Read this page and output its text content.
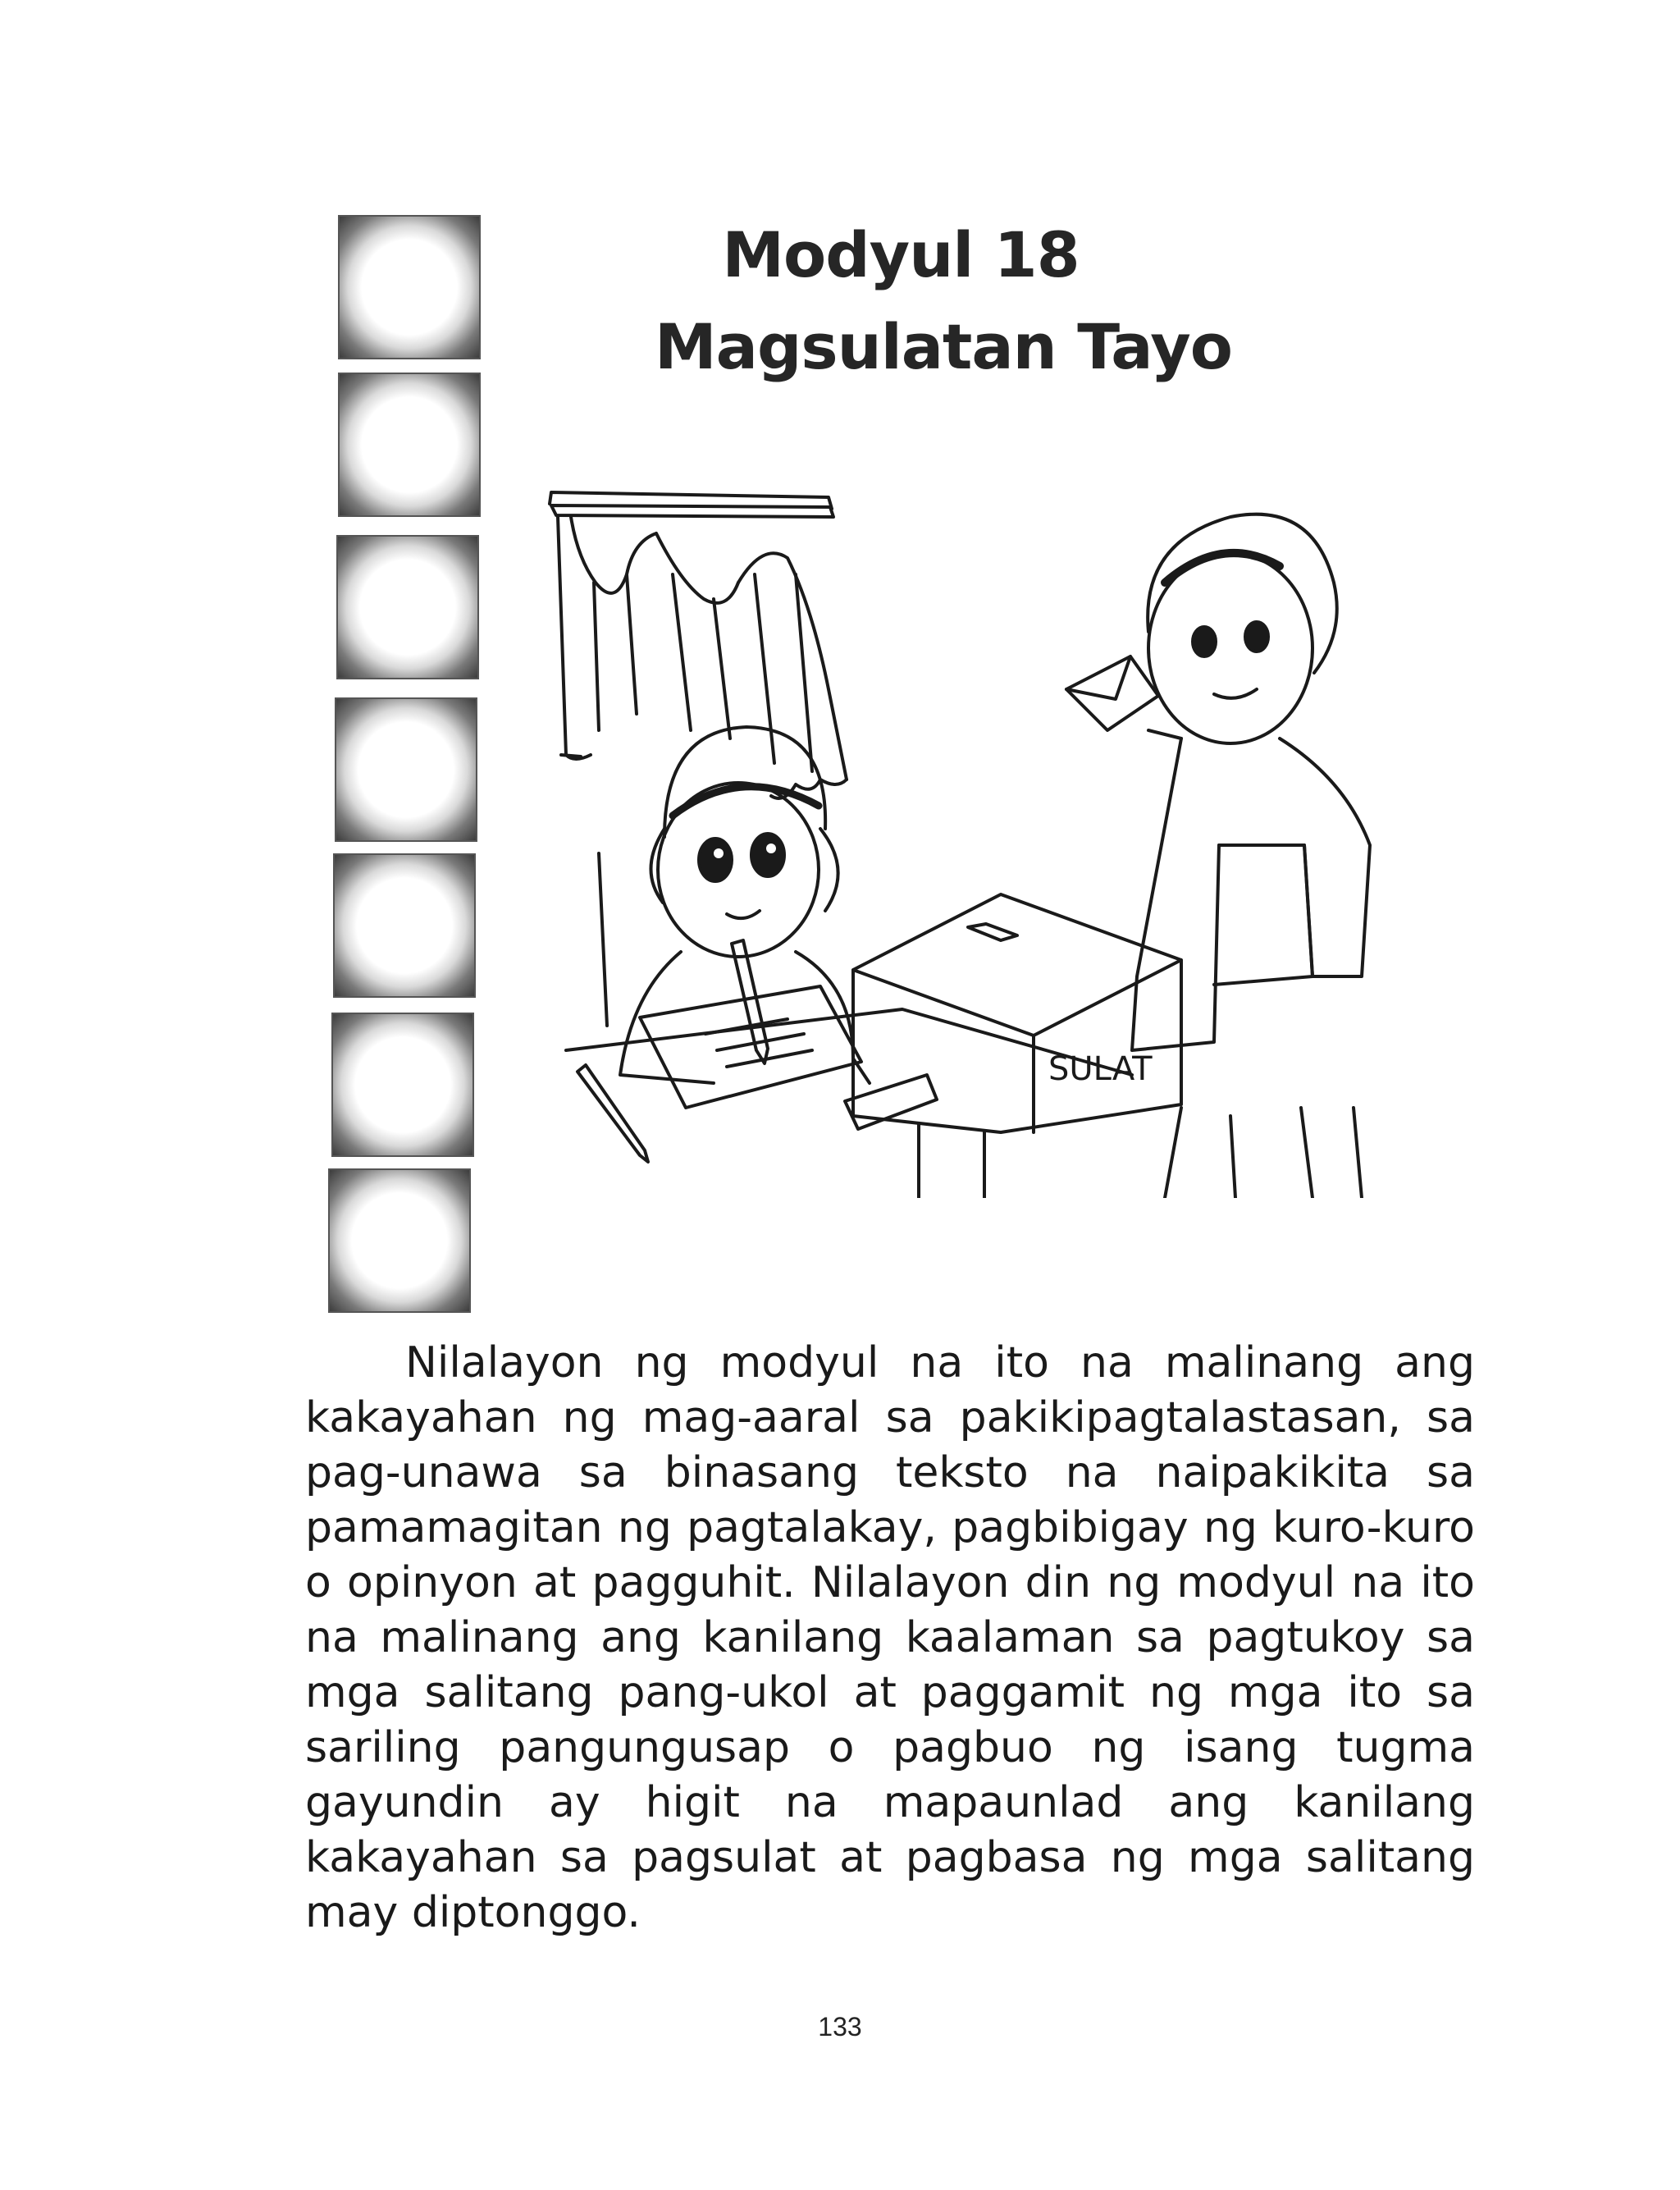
Modyul 18
Magsulatan Tayo
SULAT

Nilalayon ng modyul na ito na malinang ang kakayahan ng mag-aaral sa pakikipagtalastasan, sa pag-unawa sa binasang teksto na naipakikita sa pamamagitan ng pagtalakay, pagbibigay ng kuro-kuro o opinyon at pagguhit. Nilalayon din ng modyul na ito na malinang ang kanilang kaalaman sa pagtukoy sa mga salitang pang-ukol at paggamit ng mga ito sa sariling pangungusap o pagbuo ng isang tugma gayundin ay higit na mapaunlad ang kanilang kakayahan sa pagsulat at pagbasa ng mga salitang may diptonggo.

133
